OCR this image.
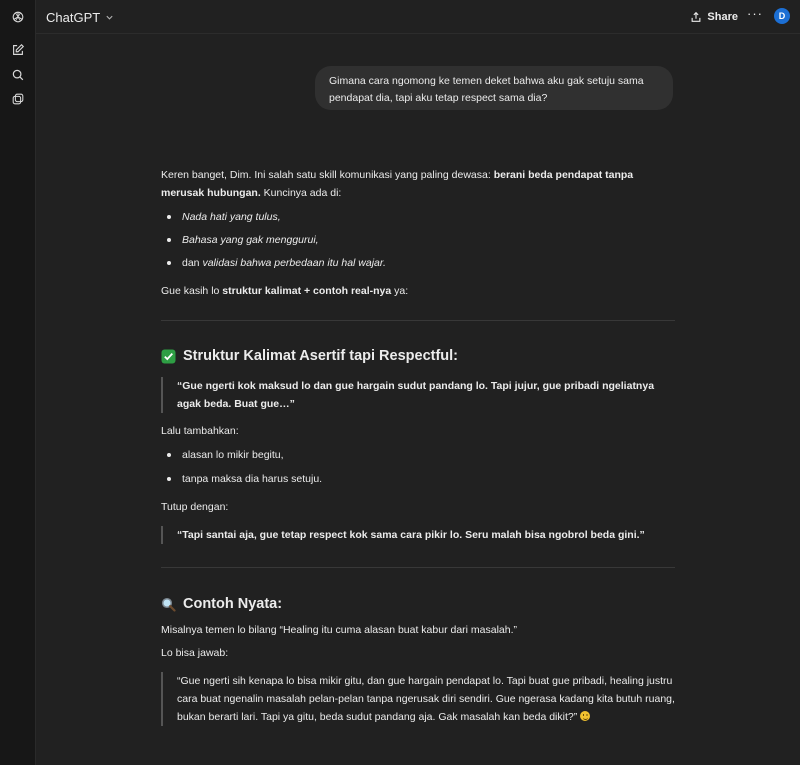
ChatGPT	Share ···	D
Gimana cara ngomong ke temen deket bahwa aku gak setuju sama pendapat dia, tapi aku tetap respect sama dia?

Keren banget, Dim. Ini salah satu skill komunikasi yang paling dewasa: berani beda pendapat tanpa merusak hubungan. Kuncinya ada di:

Nada hati yang tulus,
Bahasa yang gak menggurui,
dan validasi bahwa perbedaan itu hal wajar.

Gue kasih lo struktur kalimat + contoh real-nya ya:

Struktur Kalimat Asertif tapi Respectful:
“Gue ngerti kok maksud lo dan gue hargain sudut pandang lo. Tapi jujur, gue pribadi ngeliatnya agak beda. Buat gue…”

Lalu tambahkan:

alasan lo mikir begitu,
tanpa maksa dia harus setuju.

Tutup dengan:

“Tapi santai aja, gue tetap respect kok sama cara pikir lo. Seru malah bisa ngobrol beda gini.”
Contoh Nyata:

Misalnya temen lo bilang “Healing itu cuma alasan buat kabur dari masalah.”

Lo bisa jawab:

“Gue ngerti sih kenapa lo bisa mikir gitu, dan gue hargain pendapat lo. Tapi buat gue pribadi, healing justru cara buat ngenalin masalah pelan-pelan tanpa ngerusak diri sendiri. Gue ngerasa kadang kita butuh ruang, bukan berarti lari. Tapi ya gitu, beda sudut pandang aja. Gak masalah kan beda dikit?”
